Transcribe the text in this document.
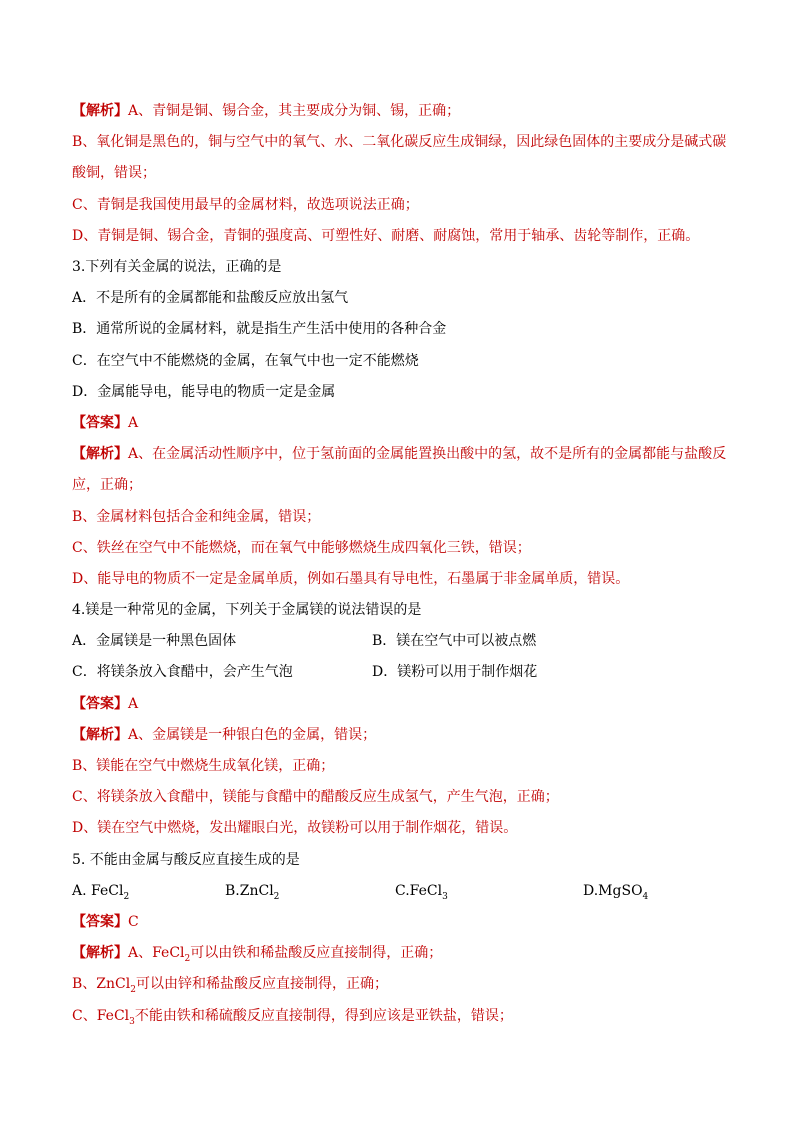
【解析】A、青铜是铜、锡合金，其主要成分为铜、锡，正确；
B、氧化铜是黑色的，铜与空气中的氧气、水、二氧化碳反应生成铜绿，因此绿色固体的主要成分是碱式碳酸铜，错误；
C、青铜是我国使用最早的金属材料，故选项说法正确；
D、青铜是铜、锡合金，青铜的强度高、可塑性好、耐磨、耐腐蚀，常用于轴承、齿轮等制作，正确。
3.下列有关金属的说法，正确的是
A．不是所有的金属都能和盐酸反应放出氢气
B．通常所说的金属材料，就是指生产生活中使用的各种合金
C．在空气中不能燃烧的金属，在氧气中也一定不能燃烧
D．金属能导电，能导电的物质一定是金属
【答案】A
【解析】A、在金属活动性顺序中，位于氢前面的金属能置换出酸中的氢，故不是所有的金属都能与盐酸反应，正确；
B、金属材料包括合金和纯金属，错误；
C、铁丝在空气中不能燃烧，而在氧气中能够燃烧生成四氧化三铁，错误；
D、能导电的物质不一定是金属单质，例如石墨具有导电性，石墨属于非金属单质，错误。
4.镁是一种常见的金属，下列关于金属镁的说法错误的是
A．金属镁是一种黑色固体	B．镁在空气中可以被点燃
C．将镁条放入食醋中，会产生气泡	D．镁粉可以用于制作烟花
【答案】A
【解析】A、金属镁是一种银白色的金属，错误；
B、镁能在空气中燃烧生成氧化镁，正确；
C、将镁条放入食醋中，镁能与食醋中的醋酸反应生成氢气，产生气泡，正确；
D、镁在空气中燃烧，发出耀眼白光，故镁粉可以用于制作烟花，错误。
5. 不能由金属与酸反应直接生成的是
A. FeCl$_2$	B.ZnCl$_2$	C.FeCl$_3$	D.MgSO$_4$
【答案】C
【解析】A、FeCl$_2$可以由铁和稀盐酸反应直接制得，正确；
B、ZnCl$_2$可以由锌和稀盐酸反应直接制得，正确；
C、FeCl$_3$不能由铁和稀硫酸反应直接制得，得到应该是亚铁盐，错误；
